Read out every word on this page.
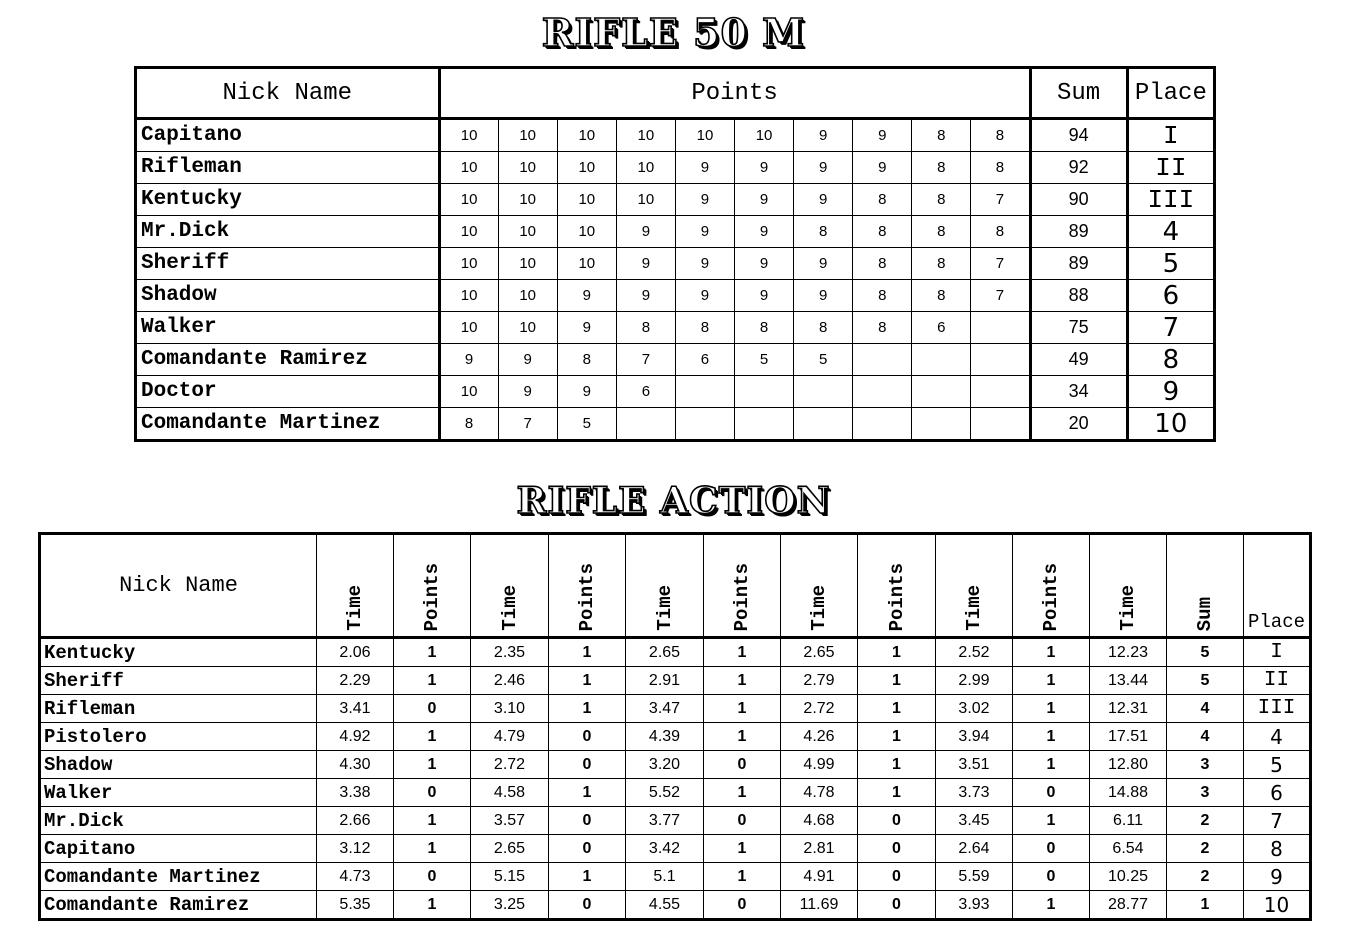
RIFLE 50 M
Nick Name	Points										Sum	Place
Capitano	10	10	10	10	10	10	9	9	8	8	94	I
Rifleman	10	10	10	10	9	9	9	9	8	8	92	II
Kentucky	10	10	10	10	9	9	9	8	8	7	90	III
Mr.Dick	10	10	10	9	9	9	8	8	8	8	89	4
Sheriff	10	10	10	9	9	9	9	8	8	7	89	5
Shadow	10	10	9	9	9	9	9	8	8	7	88	6
Walker	10	10	9	8	8	8	8	8	6		75	7
Comandante Ramirez	9	9	8	7	6	5	5				49	8
Doctor	10	9	9	6							34	9
Comandante Martinez	8	7	5								20	10
RIFLE ACTION
Nick Name	Time	Points	Time	Points	Time	Points	Time	Points	Time	Points	Time	Sum	Place
Kentucky	2.06	1	2.35	1	2.65	1	2.65	1	2.52	1	12.23	5	I
Sheriff	2.29	1	2.46	1	2.91	1	2.79	1	2.99	1	13.44	5	II
Rifleman	3.41	0	3.10	1	3.47	1	2.72	1	3.02	1	12.31	4	III
Pistolero	4.92	1	4.79	0	4.39	1	4.26	1	3.94	1	17.51	4	4
Shadow	4.30	1	2.72	0	3.20	0	4.99	1	3.51	1	12.80	3	5
Walker	3.38	0	4.58	1	5.52	1	4.78	1	3.73	0	14.88	3	6
Mr.Dick	2.66	1	3.57	0	3.77	0	4.68	0	3.45	1	6.11	2	7
Capitano	3.12	1	2.65	0	3.42	1	2.81	0	2.64	0	6.54	2	8
Comandante Martinez	4.73	0	5.15	1	5.1	1	4.91	0	5.59	0	10.25	2	9
Comandante Ramirez	5.35	1	3.25	0	4.55	0	11.69	0	3.93	1	28.77	1	10
